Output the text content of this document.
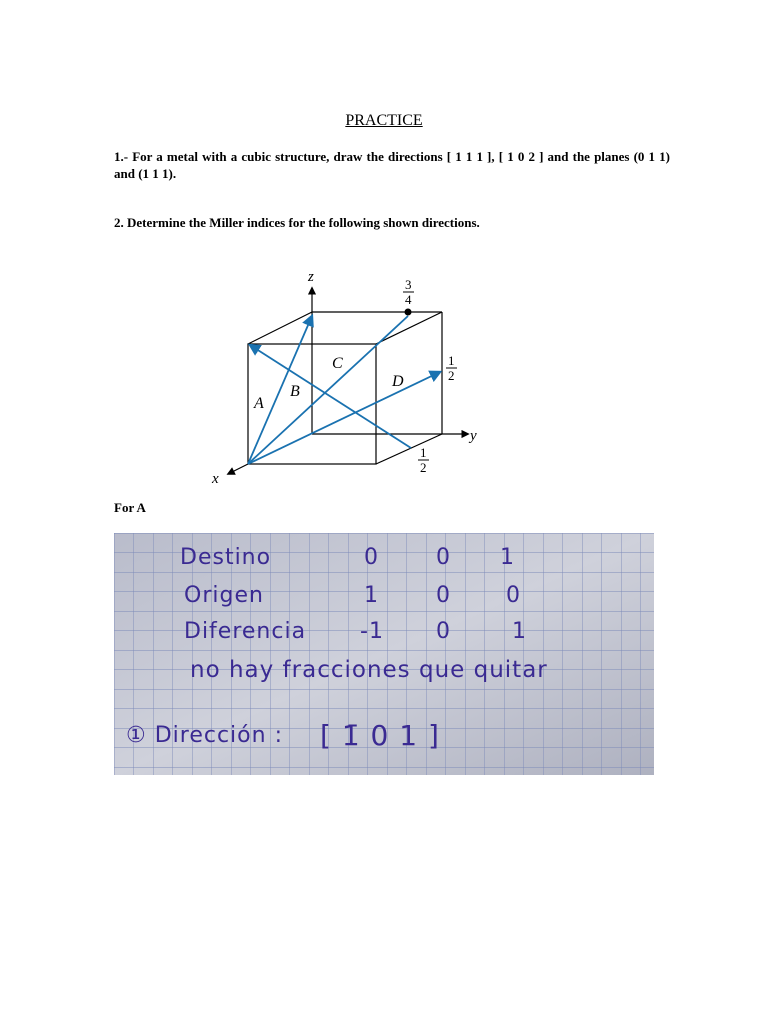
PRACTICE
1.- For a metal with a cubic structure, draw the directions [ 1 1 1 ], [ 1 0 2 ] and the planes (0 1 1) and (1 1 1).
2. Determine the Miller indices for the following shown directions.
z
x
y
A
B
C
D
3
4
1
2
1
2
For A
Destino	0	0 1
Origen	1	0	0
Diferencia -1 0	1
no hay fracciones que quitar
① Dirección : [ 1̄ 0 1 ]
